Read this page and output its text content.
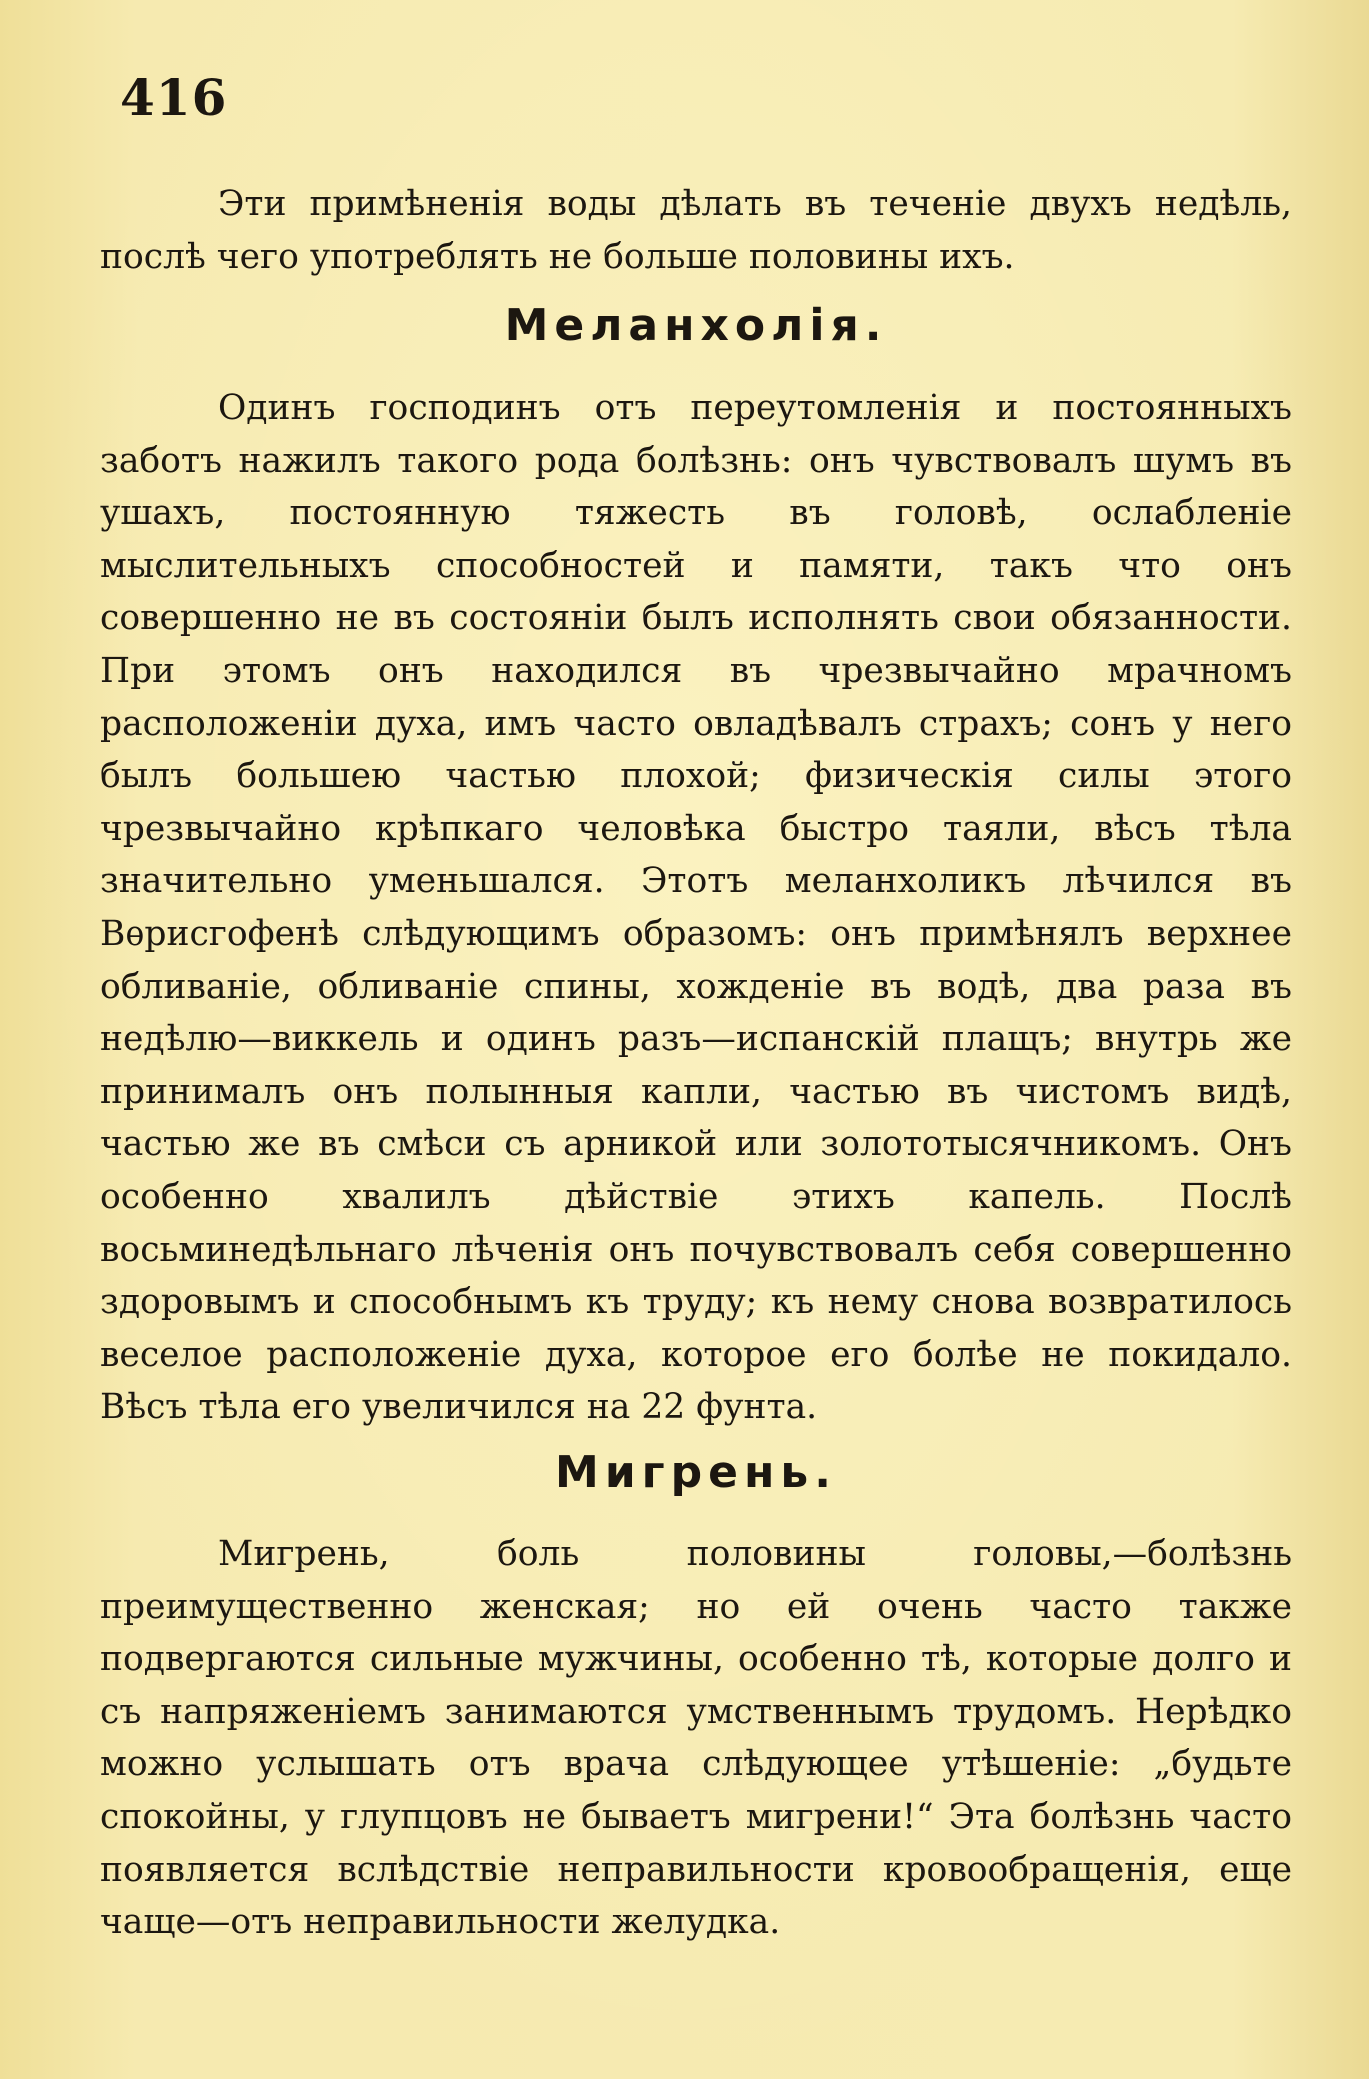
416

Эти примѣненія воды дѣлать въ теченіе двухъ недѣль, послѣ чего употреблять не больше половины ихъ.

Меланхолія.

Одинъ господинъ отъ переутомленія и постоянныхъ заботъ нажилъ такого рода болѣзнь: онъ чувствовалъ шумъ въ ушахъ, постоянную тяжесть въ головѣ, ослабленіе мыслительныхъ способностей и памяти, такъ что онъ совершенно не въ состояніи былъ исполнять свои обязанности. При этомъ онъ находился въ чрезвычайно мрачномъ расположеніи духа, имъ часто овладѣвалъ страхъ; сонъ у него былъ большею частью плохой; физическія силы этого чрезвычайно крѣпкаго человѣка быстро таяли, вѣсъ тѣла значительно уменьшался. Этотъ меланхоликъ лѣчился въ Вѳрисгофенѣ слѣдующимъ образомъ: онъ примѣнялъ верхнее обливаніе, обливаніе спины, хожденіе въ водѣ, два раза въ недѣлю—виккель и одинъ разъ—испанскій плащъ; внутрь же принималъ онъ полынныя капли, частью въ чистомъ видѣ, частью же въ смѣси съ арникой или золототысячникомъ. Онъ особенно хвалилъ дѣйствіе этихъ капель. Послѣ восьминедѣльнаго лѣченія онъ почувствовалъ себя совершенно здоровымъ и способнымъ къ труду; къ нему снова возвратилось веселое расположеніе духа, которое его болѣе не покидало. Вѣсъ тѣла его увеличился на 22 фунта.

Мигрень.

Мигрень, боль половины головы,—болѣзнь преимущественно женская; но ей очень часто также подвергаются сильные мужчины, особенно тѣ, которые долго и съ напряженіемъ занимаются умственнымъ трудомъ. Нерѣдко можно услышать отъ врача слѣдующее утѣшеніе: „будьте спокойны, у глупцовъ не бываетъ мигрени!“ Эта болѣзнь часто появляется вслѣдствіе неправильности кровообращенія, еще чаще—отъ неправильности желудка.
